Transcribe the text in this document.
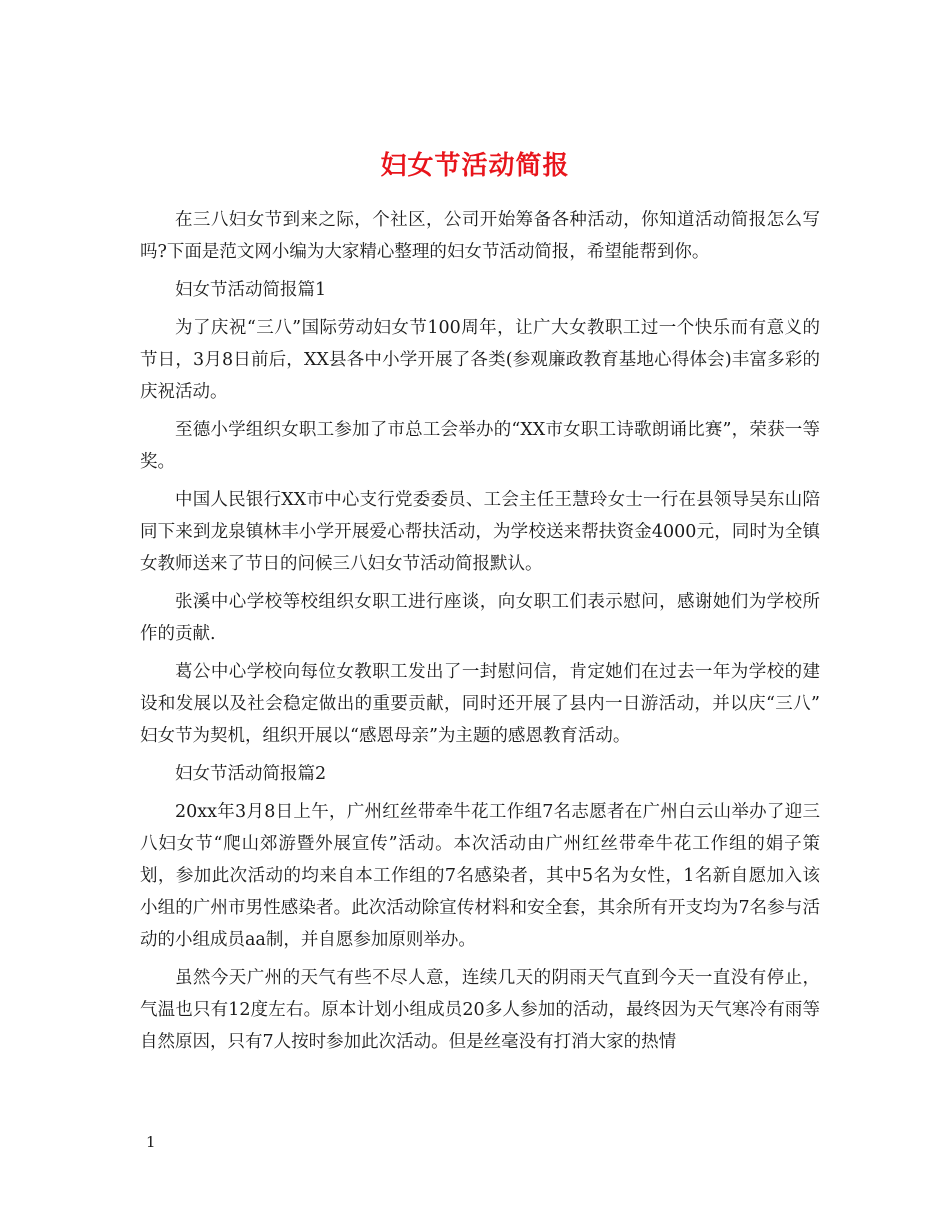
妇女节活动简报

在三八妇女节到来之际，个社区，公司开始筹备各种活动，你知道活动简报怎么写吗?下面是范文网小编为大家精心整理的妇女节活动简报，希望能帮到你。

妇女节活动简报篇1

为了庆祝“三八”国际劳动妇女节100周年，让广大女教职工过一个快乐而有意义的节日，3月8日前后，XX县各中小学开展了各类(参观廉政教育基地心得体会)丰富多彩的庆祝活动。

至德小学组织女职工参加了市总工会举办的“XX市女职工诗歌朗诵比赛”，荣获一等奖。

中国人民银行XX市中心支行党委委员、工会主任王慧玲女士一行在县领导吴东山陪同下来到龙泉镇林丰小学开展爱心帮扶活动，为学校送来帮扶资金4000元，同时为全镇女教师送来了节日的问候三八妇女节活动简报默认。

张溪中心学校等校组织女职工进行座谈，向女职工们表示慰问，感谢她们为学校所作的贡献.

葛公中心学校向每位女教职工发出了一封慰问信，肯定她们在过去一年为学校的建设和发展以及社会稳定做出的重要贡献，同时还开展了县内一日游活动，并以庆“三八” 妇女节为契机，组织开展以“感恩母亲”为主题的感恩教育活动。

妇女节活动简报篇2

20xx年3月8日上午，广州红丝带牵牛花工作组7名志愿者在广州白云山举办了迎三八妇女节“爬山郊游暨外展宣传”活动。本次活动由广州红丝带牵牛花工作组的娟子策划，参加此次活动的均来自本工作组的7名感染者，其中5名为女性，1名新自愿加入该小组的广州市男性感染者。此次活动除宣传材料和安全套，其余所有开支均为7名参与活动的小组成员aa制，并自愿参加原则举办。

虽然今天广州的天气有些不尽人意，连续几天的阴雨天气直到今天一直没有停止，气温也只有12度左右。原本计划小组成员20多人参加的活动，最终因为天气寒冷有雨等自然原因，只有7人按时参加此次活动。但是丝毫没有打消大家的热情

1
